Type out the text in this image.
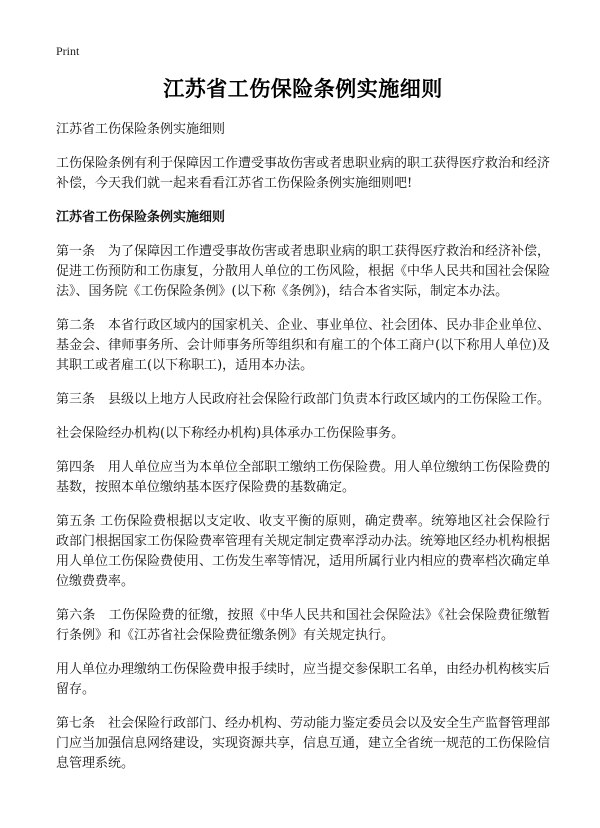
Print
江苏省工伤保险条例实施细则

江苏省工伤保险条例实施细则

工伤保险条例有利于保障因工作遭受事故伤害或者患职业病的职工获得医疗救治和经济补偿，今天我们就一起来看看江苏省工伤保险条例实施细则吧!

江苏省工伤保险条例实施细则

第一条　为了保障因工作遭受事故伤害或者患职业病的职工获得医疗救治和经济补偿，促进工伤预防和工伤康复，分散用人单位的工伤风险，根据《中华人民共和国社会保险法》、国务院《工伤保险条例》(以下称《条例》)，结合本省实际，制定本办法。

第二条　本省行政区域内的国家机关、企业、事业单位、社会团体、民办非企业单位、基金会、律师事务所、会计师事务所等组织和有雇工的个体工商户(以下称用人单位)及其职工或者雇工(以下称职工)，适用本办法。

第三条　县级以上地方人民政府社会保险行政部门负责本行政区域内的工伤保险工作。

社会保险经办机构(以下称经办机构)具体承办工伤保险事务。

第四条　用人单位应当为本单位全部职工缴纳工伤保险费。用人单位缴纳工伤保险费的基数，按照本单位缴纳基本医疗保险费的基数确定。

第五条 工伤保险费根据以支定收、收支平衡的原则，确定费率。统筹地区社会保险行政部门根据国家工伤保险费率管理有关规定制定费率浮动办法。统筹地区经办机构根据用人单位工伤保险费使用、工伤发生率等情况，适用所属行业内相应的费率档次确定单位缴费费率。

第六条　工伤保险费的征缴，按照《中华人民共和国社会保险法》《社会保险费征缴暂行条例》和《江苏省社会保险费征缴条例》有关规定执行。

用人单位办理缴纳工伤保险费申报手续时，应当提交参保职工名单，由经办机构核实后留存。

第七条　社会保险行政部门、经办机构、劳动能力鉴定委员会以及安全生产监督管理部门应当加强信息网络建设，实现资源共享，信息互通，建立全省统一规范的工伤保险信息管理系统。
